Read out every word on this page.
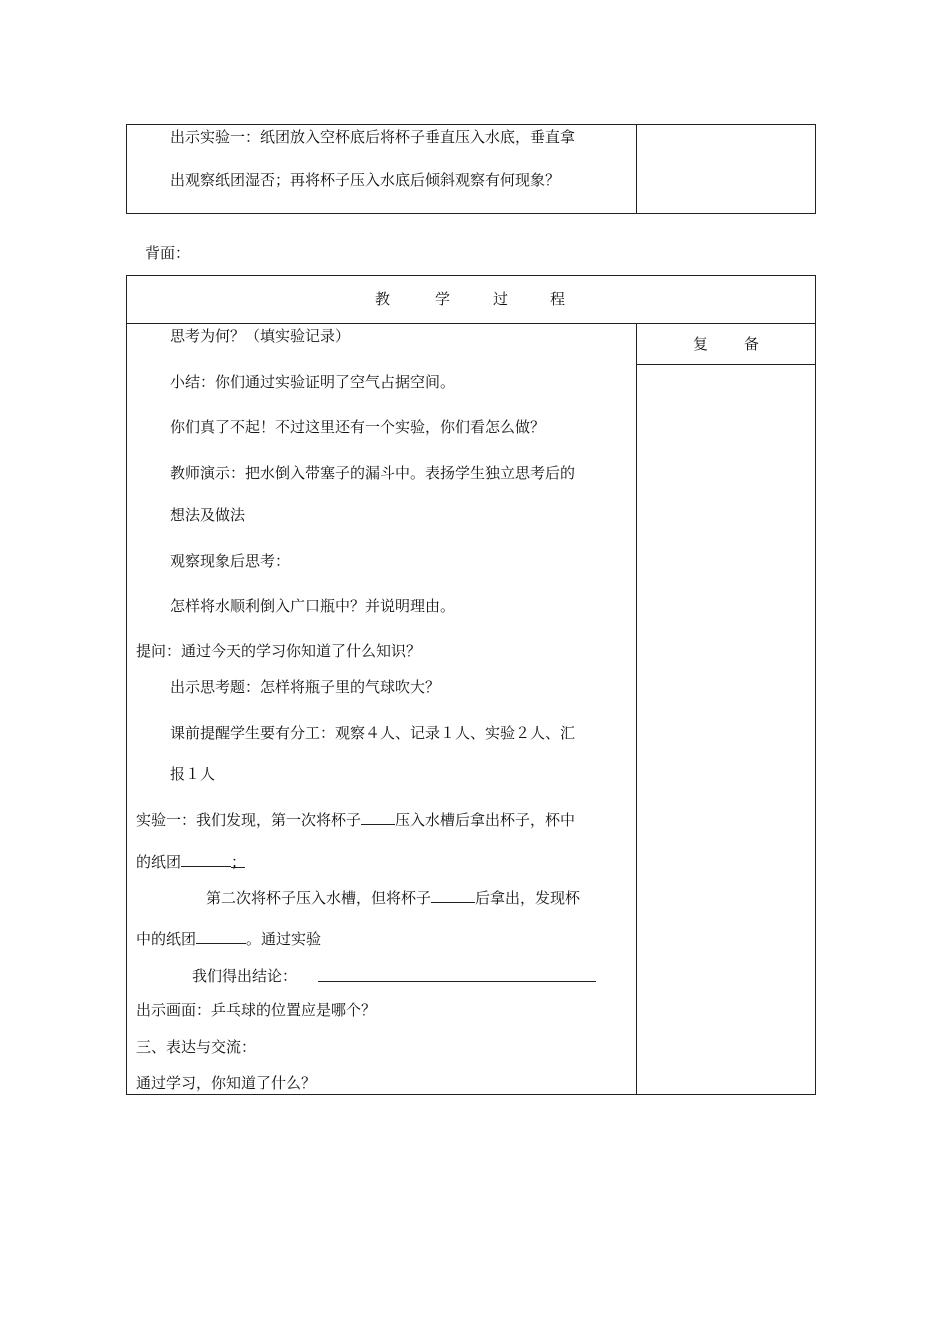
出示实验一：纸团放入空杯底后将杯子垂直压入水底，垂直拿
出观察纸团湿否；再将杯子压入水底后倾斜观察有何现象？
背面：
教	学	过	程
复 备
思考为何？（填实验记录）
小结：你们通过实验证明了空气占据空间。
你们真了不起！不过这里还有一个实验，你们看怎么做？
教师演示：把水倒入带塞子的漏斗中。表扬学生独立思考后的
想法及做法
观察现象后思考：
怎样将水顺利倒入广口瓶中？并说明理由。
提问：通过今天的学习你知道了什么知识？
出示思考题：怎样将瓶子里的气球吹大？
课前提醒学生要有分工：观察４人、记录１人、实验２人、汇
报１人
实验一：我们发现，第一次将杯子 压入水槽后拿出杯子，杯中
的纸团	；
第二次将杯子压入水槽，但将杯子	后拿出，发现杯
中的纸团	。通过实验
我们得出结论：
出示画面：乒乓球的位置应是哪个？
三、表达与交流：
通过学习，你知道了什么？
